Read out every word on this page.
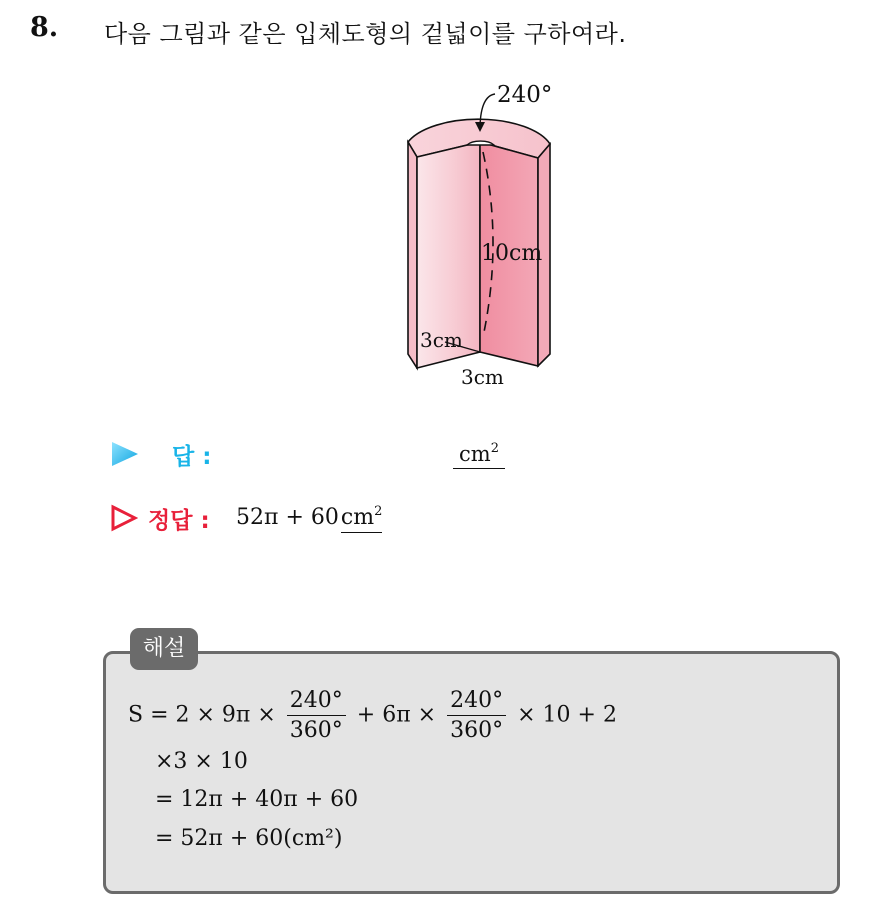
8. 다음 그림과 같은 입체도형의 겉넓이를 구하여라.
240°
10cm
3cm
3cm
답 :	$cm^2$
정답 : $52\pi + 60cm^2$
해설
$S = 2 \times 9\pi \times \frac{240^\circ}{360^\circ} + 6\pi \times \frac{240^\circ}{360^\circ} \times 10 + 2$
×3 × 10
= 12π + 40π + 60
= 52π + 60(cm²)
